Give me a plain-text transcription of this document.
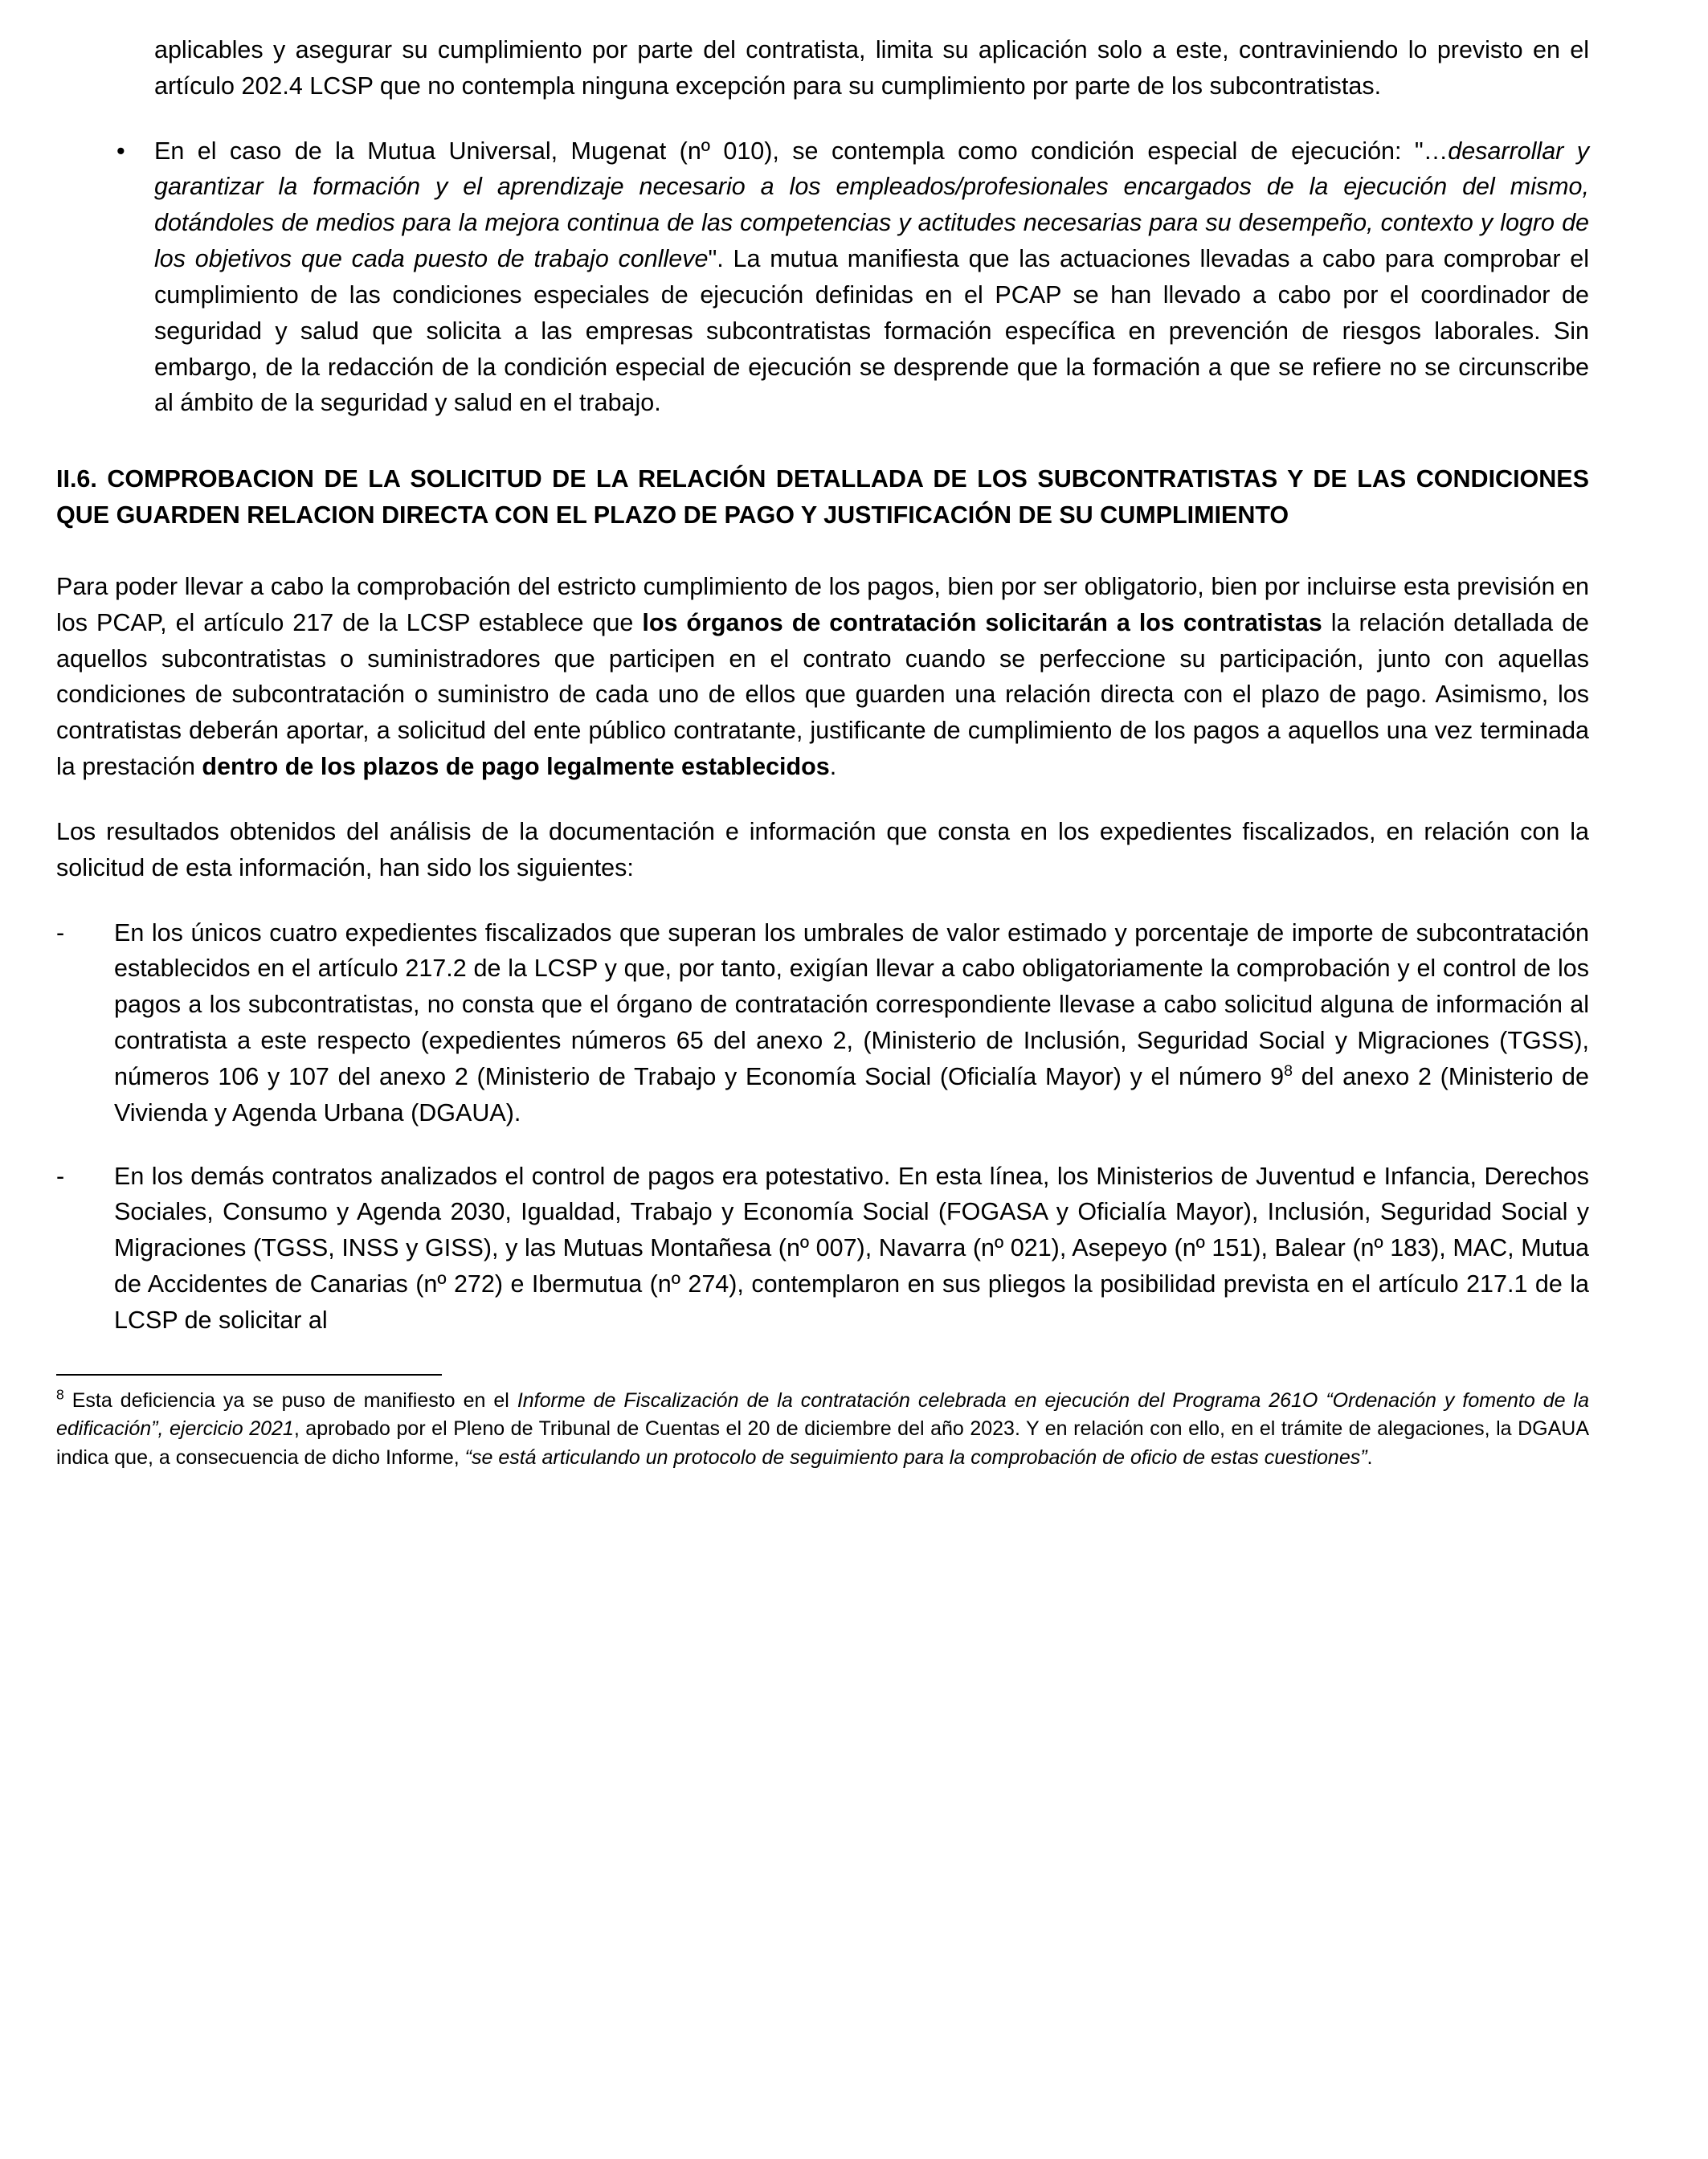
aplicables y asegurar su cumplimiento por parte del contratista, limita su aplicación solo a este, contraviniendo lo previsto en el artículo 202.4 LCSP que no contempla ninguna excepción para su cumplimiento por parte de los subcontratistas.

• En el caso de la Mutua Universal, Mugenat (nº 010), se contempla como condición especial de ejecución: "…desarrollar y garantizar la formación y el aprendizaje necesario a los empleados/profesionales encargados de la ejecución del mismo, dotándoles de medios para la mejora continua de las competencias y actitudes necesarias para su desempeño, contexto y logro de los objetivos que cada puesto de trabajo conlleve". La mutua manifiesta que las actuaciones llevadas a cabo para comprobar el cumplimiento de las condiciones especiales de ejecución definidas en el PCAP se han llevado a cabo por el coordinador de seguridad y salud que solicita a las empresas subcontratistas formación específica en prevención de riesgos laborales. Sin embargo, de la redacción de la condición especial de ejecución se desprende que la formación a que se refiere no se circunscribe al ámbito de la seguridad y salud en el trabajo.

II.6. COMPROBACION DE LA SOLICITUD DE LA RELACIÓN DETALLADA DE LOS SUBCONTRATISTAS Y DE LAS CONDICIONES QUE GUARDEN RELACION DIRECTA CON EL PLAZO DE PAGO Y JUSTIFICACIÓN DE SU CUMPLIMIENTO

Para poder llevar a cabo la comprobación del estricto cumplimiento de los pagos, bien por ser obligatorio, bien por incluirse esta previsión en los PCAP, el artículo 217 de la LCSP establece que los órganos de contratación solicitarán a los contratistas la relación detallada de aquellos subcontratistas o suministradores que participen en el contrato cuando se perfeccione su participación, junto con aquellas condiciones de subcontratación o suministro de cada uno de ellos que guarden una relación directa con el plazo de pago. Asimismo, los contratistas deberán aportar, a solicitud del ente público contratante, justificante de cumplimiento de los pagos a aquellos una vez terminada la prestación dentro de los plazos de pago legalmente establecidos.

Los resultados obtenidos del análisis de la documentación e información que consta en los expedientes fiscalizados, en relación con la solicitud de esta información, han sido los siguientes:

- En los únicos cuatro expedientes fiscalizados que superan los umbrales de valor estimado y porcentaje de importe de subcontratación establecidos en el artículo 217.2 de la LCSP y que, por tanto, exigían llevar a cabo obligatoriamente la comprobación y el control de los pagos a los subcontratistas, no consta que el órgano de contratación correspondiente llevase a cabo solicitud alguna de información al contratista a este respecto (expedientes números 65 del anexo 2, (Ministerio de Inclusión, Seguridad Social y Migraciones (TGSS), números 106 y 107 del anexo 2 (Ministerio de Trabajo y Economía Social (Oficialía Mayor) y el número $9^8$ del anexo 2 (Ministerio de Vivienda y Agenda Urbana (DGAUA).

- En los demás contratos analizados el control de pagos era potestativo. En esta línea, los Ministerios de Juventud e Infancia, Derechos Sociales, Consumo y Agenda 2030, Igualdad, Trabajo y Economía Social (FOGASA y Oficialía Mayor), Inclusión, Seguridad Social y Migraciones (TGSS, INSS y GISS), y las Mutuas Montañesa (nº 007), Navarra (nº 021), Asepeyo (nº 151), Balear (nº 183), MAC, Mutua de Accidentes de Canarias (nº 272) e Ibermutua (nº 274), contemplaron en sus pliegos la posibilidad prevista en el artículo 217.1 de la LCSP de solicitar al

$^8$ Esta deficiencia ya se puso de manifiesto en el Informe de Fiscalización de la contratación celebrada en ejecución del Programa 261O “Ordenación y fomento de la edificación”, ejercicio 2021, aprobado por el Pleno de Tribunal de Cuentas el 20 de diciembre del año 2023. Y en relación con ello, en el trámite de alegaciones, la DGAUA indica que, a consecuencia de dicho Informe, “se está articulando un protocolo de seguimiento para la comprobación de oficio de estas cuestiones”.
